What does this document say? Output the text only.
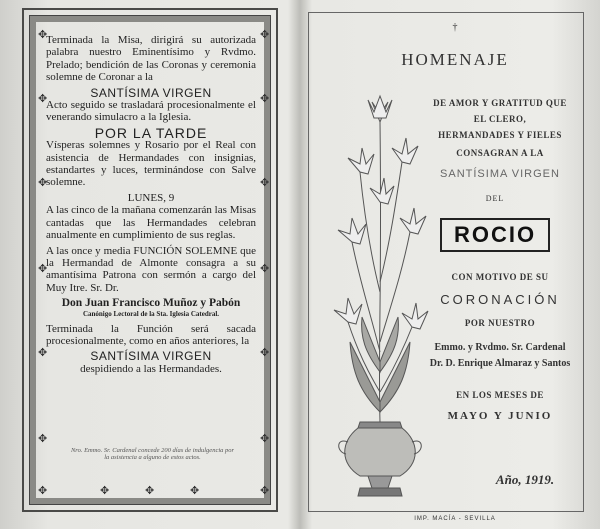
✥	✥
✥	✥
✥	✥
✥	✥
✥	✥
✥	✥
✥	✥
✥	✥	✥

Terminada la Misa, dirigirá su autorizada palabra nuestro Eminentísimo y Rvdmo. Prelado; bendición de las Coronas y ceremonia solemne de Coronar a la

SANTÍSIMA VIRGEN

Acto seguido se trasladará procesionalmente el venerando simulacro a la Iglesia.

POR LA TARDE

Vísperas solemnes y Rosario por el Real con asistencia de Hermandades con insignias, estandartes y luces, terminándose con Salve solemne.

LUNES, 9

A las cinco de la mañana comenzarán las Misas cantadas que las Hermandades celebran anualmente en cumplimiento de sus reglas.

A las once y media FUNCIÓN SOLEMNE que la Hermandad de Almonte consagra a su amantísima Patrona con sermón a cargo del Muy Itre. Sr. Dr.

Don Juan Francisco Muñoz y Pabón
Canónigo Lectoral de la Sta. Iglesia Catedral.

Terminada la Función será sacada procesionalmente, como en años anteriores, la

SANTÍSIMA VIRGEN
despidiendo a las Hermandades.
Nro. Emmo. Sr. Cardenal concede 200 días de indulgencia por la asistencia a alguno de estos actos.
†
HOMENAJE
DE AMOR Y GRATITUD QUE
EL CLERO,
HERMANDADES Y FIELES
CONSAGRAN A LA
SANTÍSIMA VIRGEN
DEL
ROCIO
CON MOTIVO DE SU
CORONACIÓN
POR NUESTRO
Emmo. y Rvdmo. Sr. Cardenal
Dr. D. Enrique Almaraz y Santos
EN LOS MESES DE
MAYO Y JUNIO
Año, 1919.
IMP. MACÍA - SEVILLA
